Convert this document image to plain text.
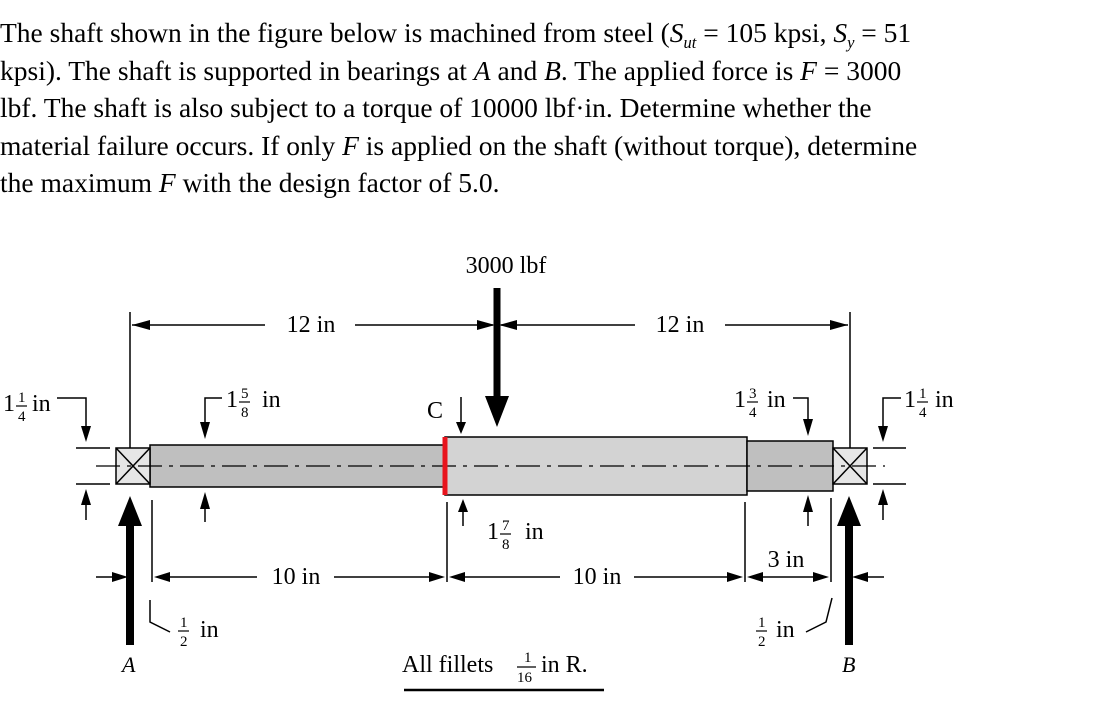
The shaft shown in the figure below is machined from steel ($S_{ut} = 105$ kpsi, $S_y = 51$

kpsi). The shaft is supported in bearings at A and B. The applied force is F = 3000

lbf. The shaft is also subject to a torque of 10000 lbf·in. Determine whether the

material failure occurs. If only F is applied on the shaft (without torque), determine

the maximum F with the design factor of 5.0.

3000 lbf
12 in	12 in
1 1
4 in	1 5
8 in	C
1 7
8 in
1 3
4 in	1 1
4 in
A	B
10 in	10 in
3 in
1
2 in	1
2 in
All fillets 1
16 in R.
